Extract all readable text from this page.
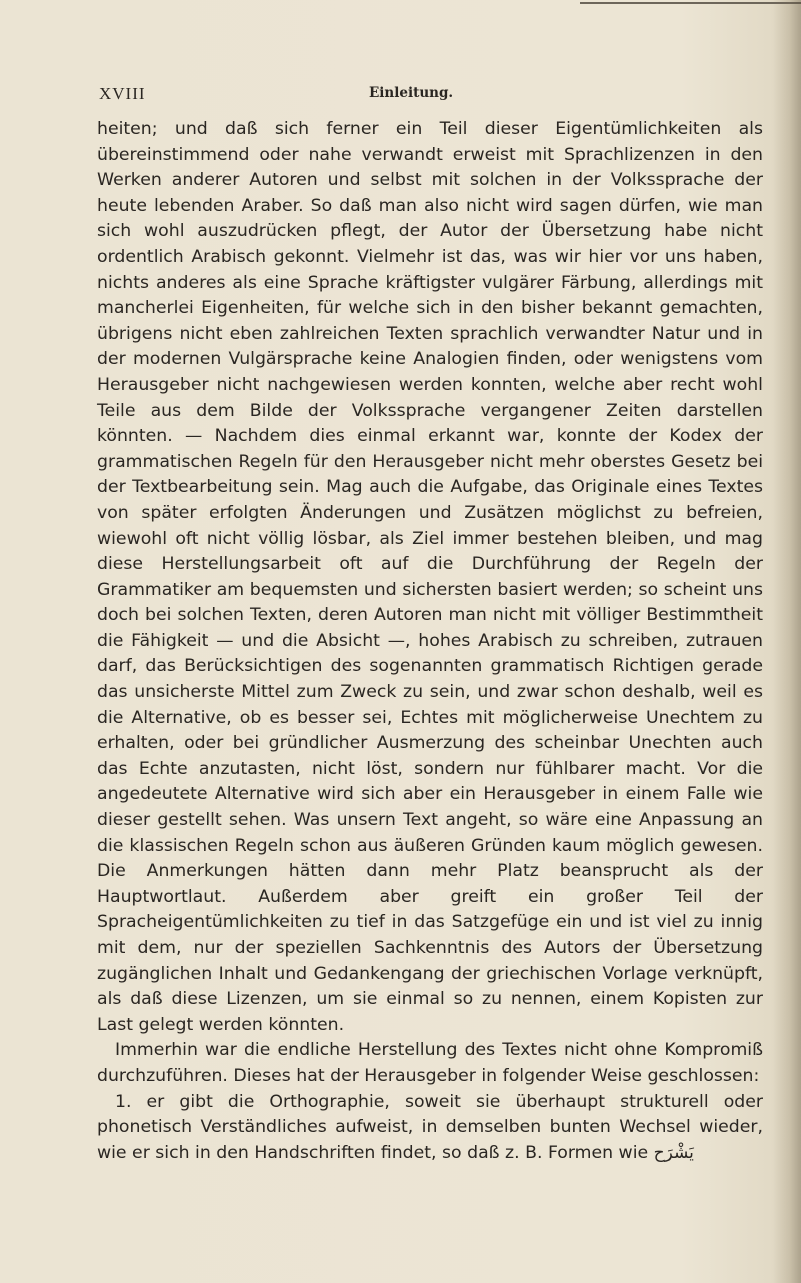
XVIII	Einleitung.

heiten; und daß sich ferner ein Teil dieser Eigentümlichkeiten als übereinstimmend oder nahe verwandt erweist mit Sprachlizenzen in den Werken anderer Autoren und selbst mit solchen in der Volkssprache der heute lebenden Araber. So daß man also nicht wird sagen dürfen, wie man sich wohl auszudrücken pflegt, der Autor der Übersetzung habe nicht ordentlich Arabisch gekonnt. Vielmehr ist das, was wir hier vor uns haben, nichts anderes als eine Sprache kräftigster vulgärer Färbung, allerdings mit mancherlei Eigenheiten, für welche sich in den bisher bekannt gemachten, übrigens nicht eben zahlreichen Texten sprachlich verwandter Natur und in der modernen Vulgärsprache keine Analogien finden, oder wenigstens vom Herausgeber nicht nachgewiesen werden konnten, welche aber recht wohl Teile aus dem Bilde der Volkssprache vergangener Zeiten darstellen könnten. — Nachdem dies einmal erkannt war, konnte der Kodex der grammatischen Regeln für den Herausgeber nicht mehr oberstes Gesetz bei der Textbearbeitung sein. Mag auch die Aufgabe, das Originale eines Textes von später erfolgten Änderungen und Zusätzen möglichst zu befreien, wiewohl oft nicht völlig lösbar, als Ziel immer bestehen bleiben, und mag diese Herstellungsarbeit oft auf die Durchführung der Regeln der Grammatiker am bequemsten und sichersten basiert werden; so scheint uns doch bei solchen Texten, deren Autoren man nicht mit völliger Bestimmtheit die Fähigkeit — und die Absicht —, hohes Arabisch zu schreiben, zutrauen darf, das Berücksichtigen des sogenannten grammatisch Richtigen gerade das unsicherste Mittel zum Zweck zu sein, und zwar schon deshalb, weil es die Alternative, ob es besser sei, Echtes mit möglicherweise Unechtem zu erhalten, oder bei gründlicher Ausmerzung des scheinbar Unechten auch das Echte anzutasten, nicht löst, sondern nur fühlbarer macht. Vor die angedeutete Alternative wird sich aber ein Herausgeber in einem Falle wie dieser gestellt sehen. Was unsern Text angeht, so wäre eine Anpassung an die klassischen Regeln schon aus äußeren Gründen kaum möglich gewesen. Die Anmerkungen hätten dann mehr Platz beansprucht als der Hauptwortlaut. Außerdem aber greift ein großer Teil der Spracheigentümlichkeiten zu tief in das Satzgefüge ein und ist viel zu innig mit dem, nur der speziellen Sachkenntnis des Autors der Übersetzung zugänglichen Inhalt und Gedankengang der griechischen Vorlage verknüpft, als daß diese Lizenzen, um sie einmal so zu nennen, einem Kopisten zur Last gelegt werden könnten.

Immerhin war die endliche Herstellung des Textes nicht ohne Kompromiß durchzuführen. Dieses hat der Herausgeber in folgender Weise geschlossen:

1. er gibt die Orthographie, soweit sie überhaupt strukturell oder phonetisch Verständliches aufweist, in demselben bunten Wechsel wieder, wie er sich in den Handschriften findet, so daß z. B. Formen wie يَشْرَح
